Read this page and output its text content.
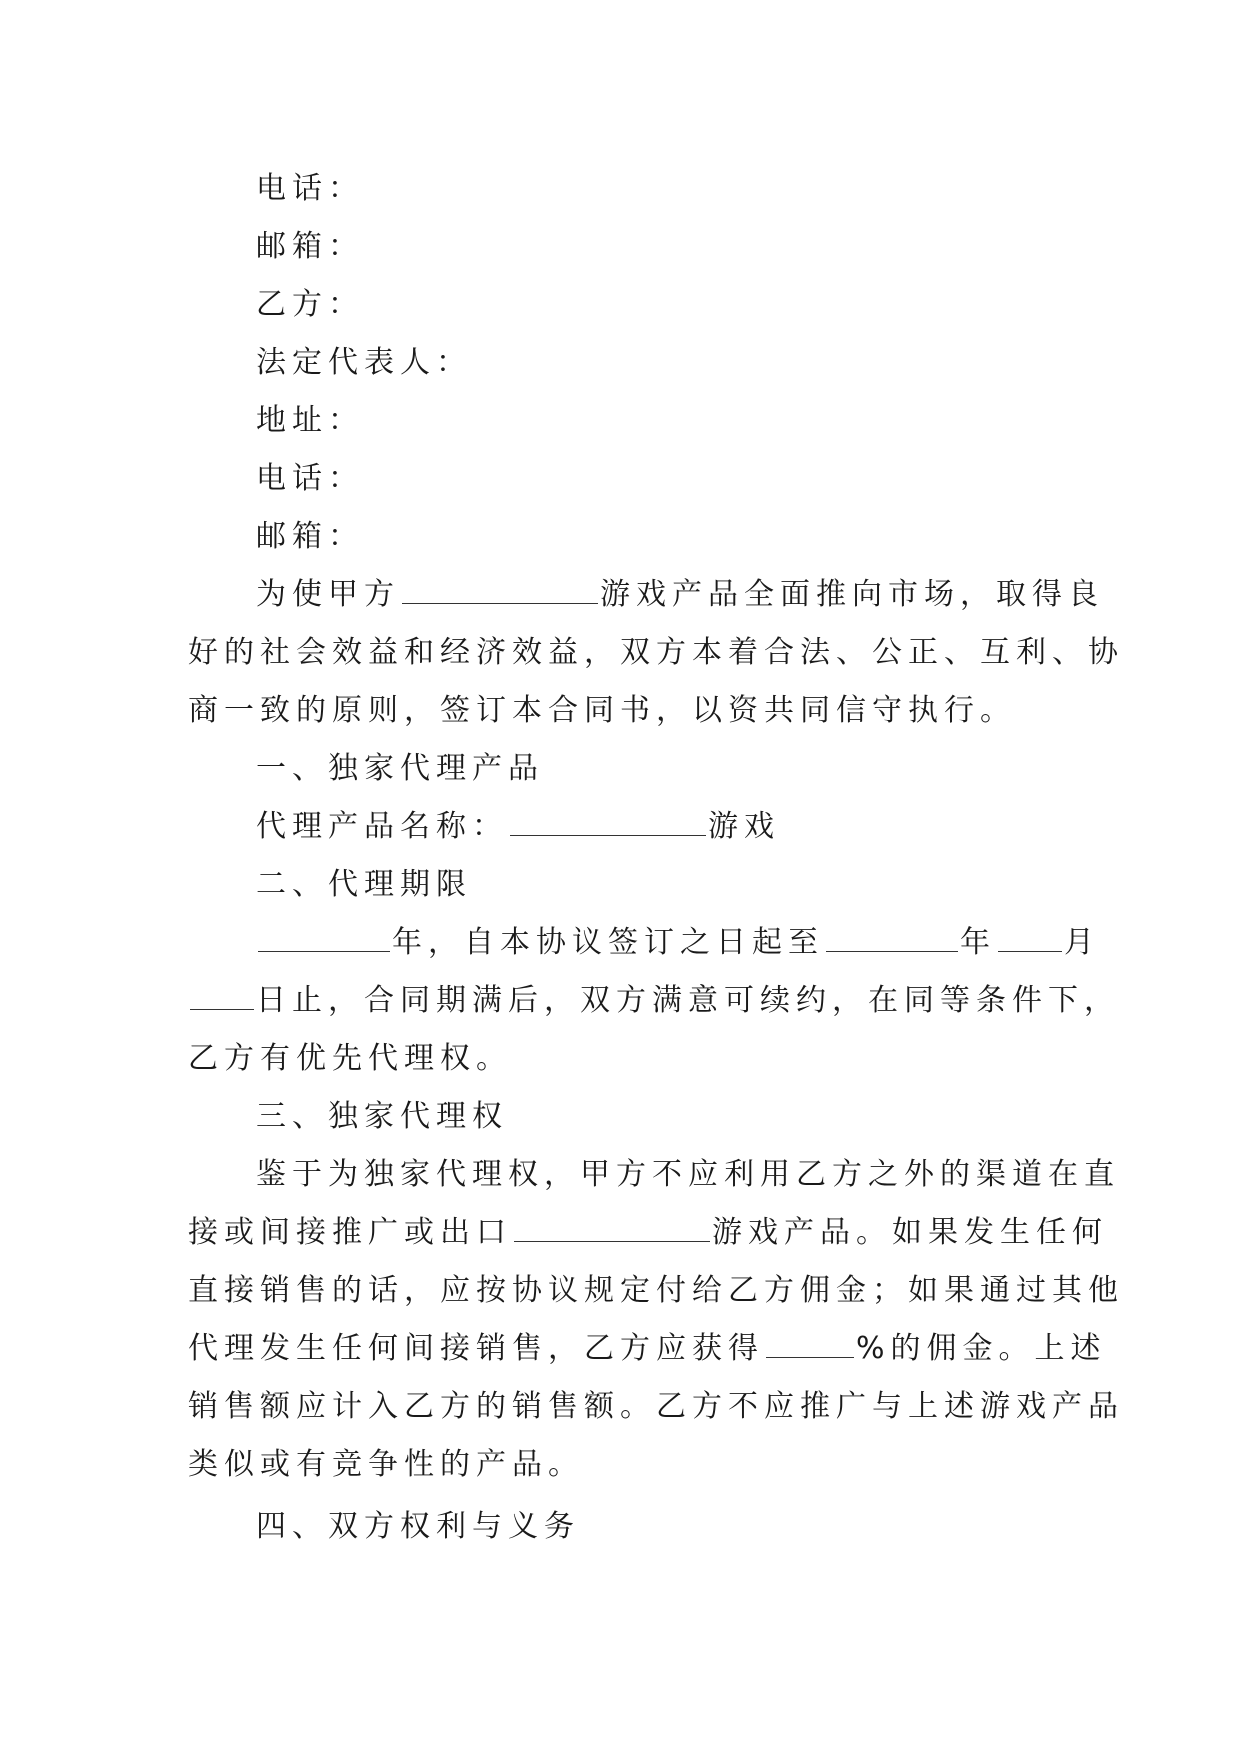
电话：
邮箱：
乙方：
法定代表人：
地址：
电话：
邮箱：
为使甲方	游戏产品全面推向市场，取得良
好的社会效益和经济效益，双方本着合法、公正、互利、协
商一致的原则，签订本合同书，以资共同信守执行。
一、独家代理产品
代理产品名称：	游戏
二、代理期限
年，自本协议签订之日起至	年 月
日止，合同期满后，双方满意可续约，在同等条件下，
乙方有优先代理权。
三、独家代理权
鉴于为独家代理权，甲方不应利用乙方之外的渠道在直
接或间接推广或出口	游戏产品。如果发生任何
直接销售的话，应按协议规定付给乙方佣金；如果通过其他
代理发生任何间接销售，乙方应获得	%的佣金。上述
销售额应计入乙方的销售额。乙方不应推广与上述游戏产品
类似或有竞争性的产品。
四、双方权利与义务
